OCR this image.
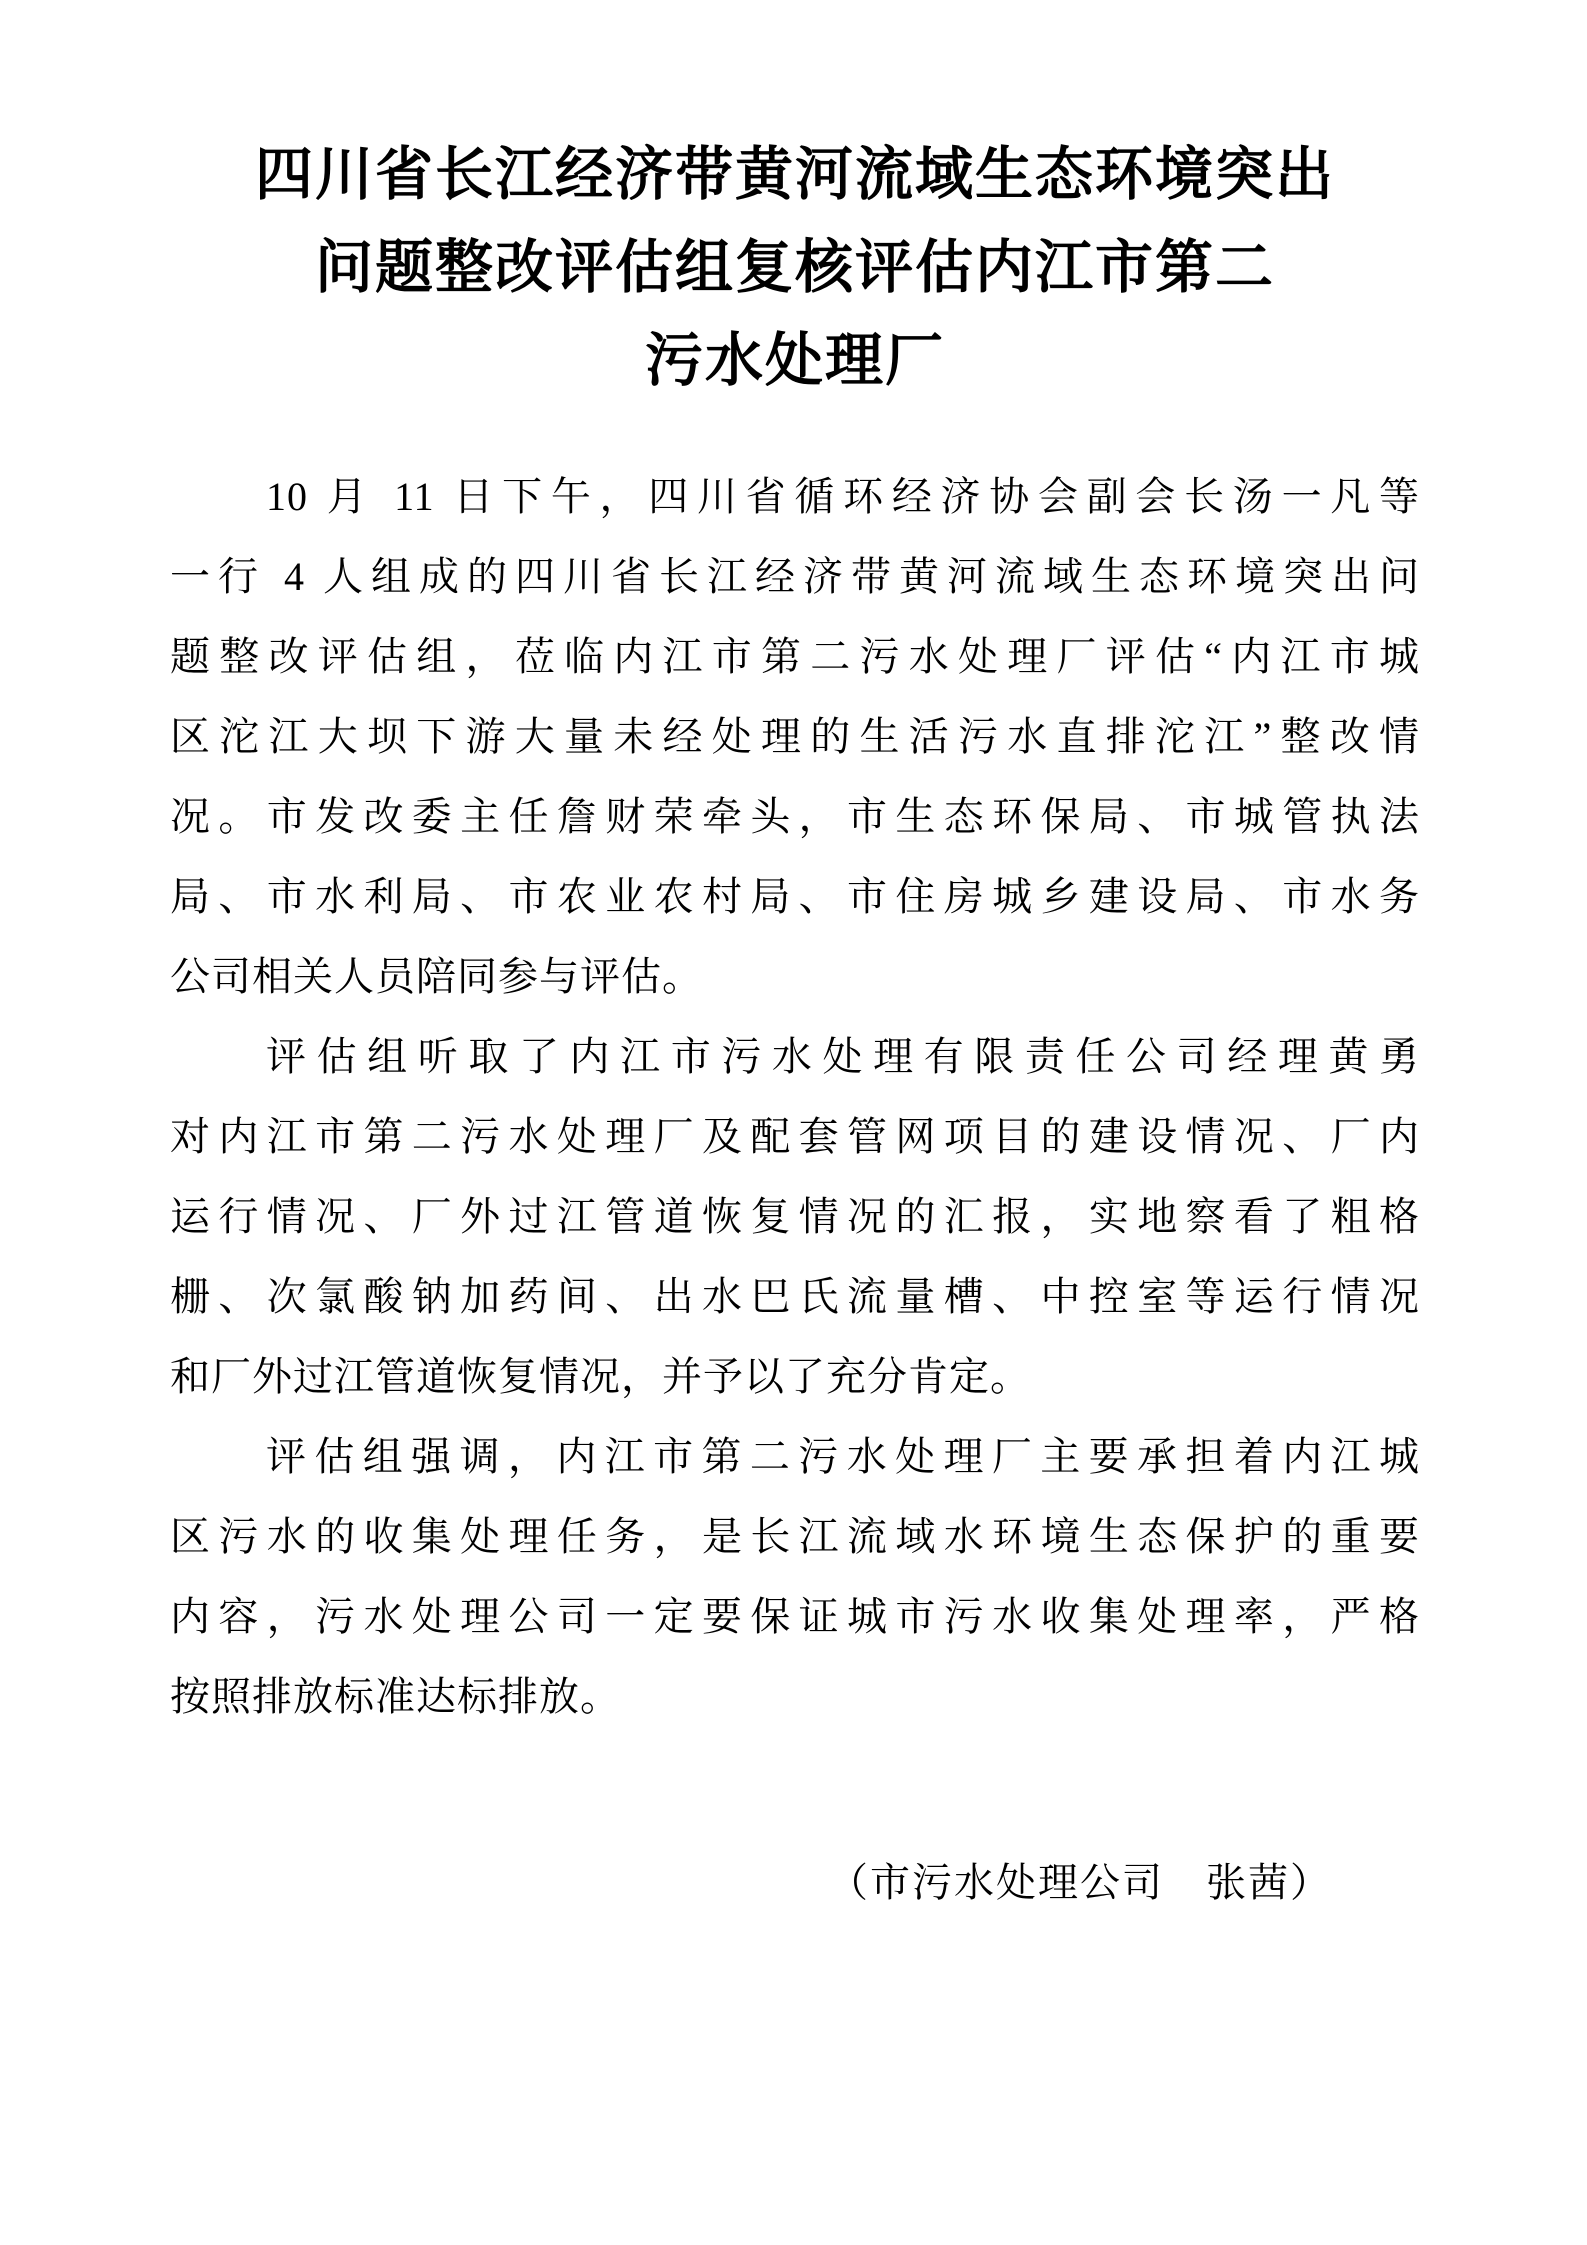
四川省长江经济带黄河流域生态环境突出
问题整改评估组复核评估内江市第二
污水处理厂
10 月 11 日下午，四川省循环经济协会副会长汤一凡等
一行 4 人组成的四川省长江经济带黄河流域生态环境突出问
题整改评估组，莅临内江市第二污水处理厂评估“内江市城
区沱江大坝下游大量未经处理的生活污水直排沱江”整改情
况。市发改委主任詹财荣牵头，市生态环保局、市城管执法
局、市水利局、市农业农村局、市住房城乡建设局、市水务
公司相关人员陪同参与评估。
评估组听取了内江市污水处理有限责任公司经理黄勇
对内江市第二污水处理厂及配套管网项目的建设情况、厂内
运行情况、厂外过江管道恢复情况的汇报，实地察看了粗格
栅、次氯酸钠加药间、出水巴氏流量槽、中控室等运行情况
和厂外过江管道恢复情况，并予以了充分肯定。
评估组强调，内江市第二污水处理厂主要承担着内江城
区污水的收集处理任务，是长江流域水环境生态保护的重要
内容，污水处理公司一定要保证城市污水收集处理率，严格
按照排放标准达标排放。
（市污水处理公司　张茜）
